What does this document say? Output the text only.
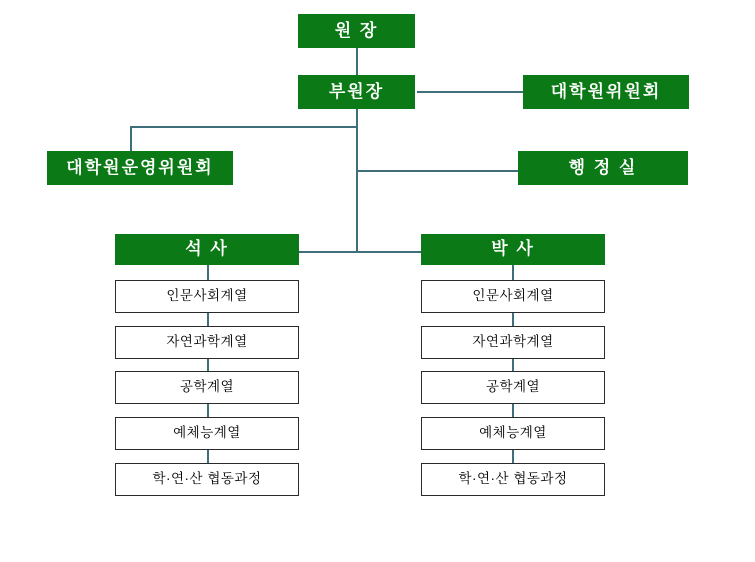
원 장
부원장	대학원위원회
대학원운영위원회	행 정 실
석 사	박 사
인문사회계열
자연과학계열
공학계열
예체능계열
학·연·산 협동과정
인문사회계열
자연과학계열
공학계열
예체능계열
학·연·산 협동과정
